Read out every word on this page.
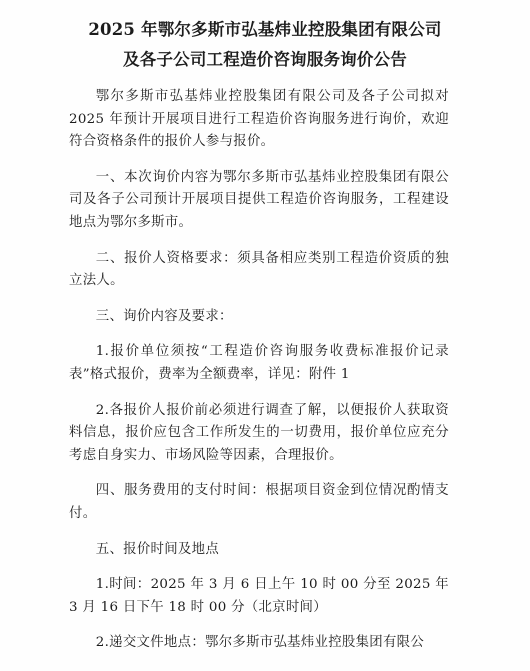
2025 年鄂尔多斯市弘基炜业控股集团有限公司
及各子公司工程造价咨询服务询价公告

鄂尔多斯市弘基炜业控股集团有限公司及各子公司拟对 2025 年预计开展项目进行工程造价咨询服务进行询价，欢迎符合资格条件的报价人参与报价。

一、本次询价内容为鄂尔多斯市弘基炜业控股集团有限公司及各子公司预计开展项目提供工程造价咨询服务，工程建设地点为鄂尔多斯市。

二、报价人资格要求：须具备相应类别工程造价资质的独立法人。

三、询价内容及要求：

1.报价单位须按“工程造价咨询服务收费标准报价记录表”格式报价，费率为全额费率，详见：附件 1

2.各报价人报价前必须进行调查了解，以便报价人获取资料信息，报价应包含工作所发生的一切费用，报价单位应充分考虑自身实力、市场风险等因素，合理报价。

四、服务费用的支付时间：根据项目资金到位情况酌情支付。

五、报价时间及地点

1.时间：2025 年 3 月 6 日上午 10 时 00 分至 2025 年 3 月 16 日下午 18 时 00 分（北京时间）

2.递交文件地点：鄂尔多斯市弘基炜业控股集团有限公
